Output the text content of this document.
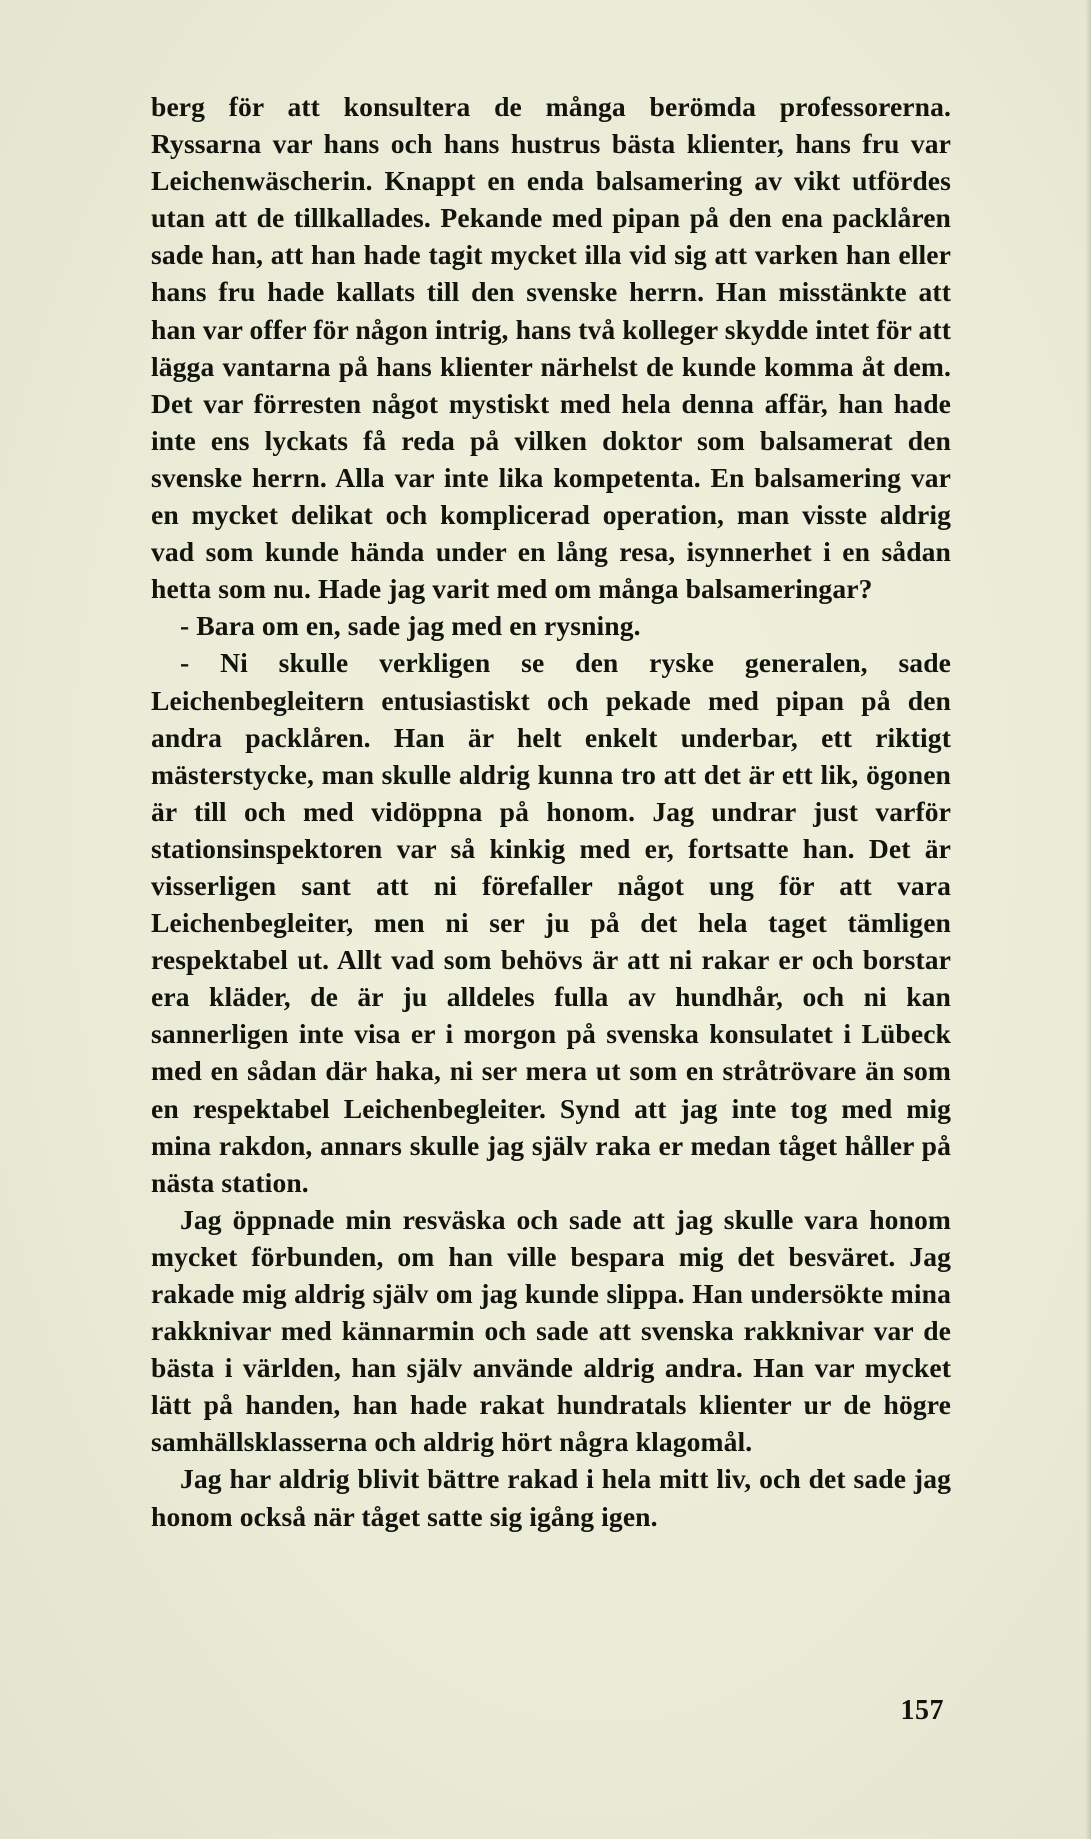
berg för att konsultera de många berömda professorerna. Ryssarna var hans och hans hustrus bästa klienter, hans fru var Leichenwäscherin. Knappt en enda balsamering av vikt utfördes utan att de tillkallades. Pekande med pipan på den ena packlåren sade han, att han hade tagit mycket illa vid sig att varken han eller hans fru hade kallats till den svenske herrn. Han misstänkte att han var offer för någon intrig, hans två kolleger skydde intet för att lägga vantarna på hans klienter närhelst de kunde komma åt dem. Det var förresten något mystiskt med hela denna affär, han hade inte ens lyckats få reda på vilken doktor som balsamerat den svenske herrn. Alla var inte lika kompetenta. En balsamering var en mycket delikat och komplicerad operation, man visste aldrig vad som kunde hända under en lång resa, isynnerhet i en sådan hetta som nu. Hade jag varit med om många balsameringar?

- Bara om en, sade jag med en rysning.

- Ni skulle verkligen se den ryske generalen, sade Leichenbegleitern entusiastiskt och pekade med pipan på den andra packlåren. Han är helt enkelt underbar, ett riktigt mästerstycke, man skulle aldrig kunna tro att det är ett lik, ögonen är till och med vidöppna på honom. Jag undrar just varför stationsinspektoren var så kinkig med er, fortsatte han. Det är visserligen sant att ni förefaller något ung för att vara Leichenbegleiter, men ni ser ju på det hela taget tämligen respektabel ut. Allt vad som behövs är att ni rakar er och borstar era kläder, de är ju alldeles fulla av hundhår, och ni kan sannerligen inte visa er i morgon på svenska konsulatet i Lübeck med en sådan där haka, ni ser mera ut som en stråtrövare än som en respektabel Leichenbegleiter. Synd att jag inte tog med mig mina rakdon, annars skulle jag själv raka er medan tåget håller på nästa station.

Jag öppnade min resväska och sade att jag skulle vara honom mycket förbunden, om han ville bespara mig det besväret. Jag rakade mig aldrig själv om jag kunde slippa. Han undersökte mina rakknivar med kännarmin och sade att svenska rakknivar var de bästa i världen, han själv använde aldrig andra. Han var mycket lätt på handen, han hade rakat hundratals klienter ur de högre samhällsklasserna och aldrig hört några klagomål.

Jag har aldrig blivit bättre rakad i hela mitt liv, och det sade jag honom också när tåget satte sig igång igen.

157
